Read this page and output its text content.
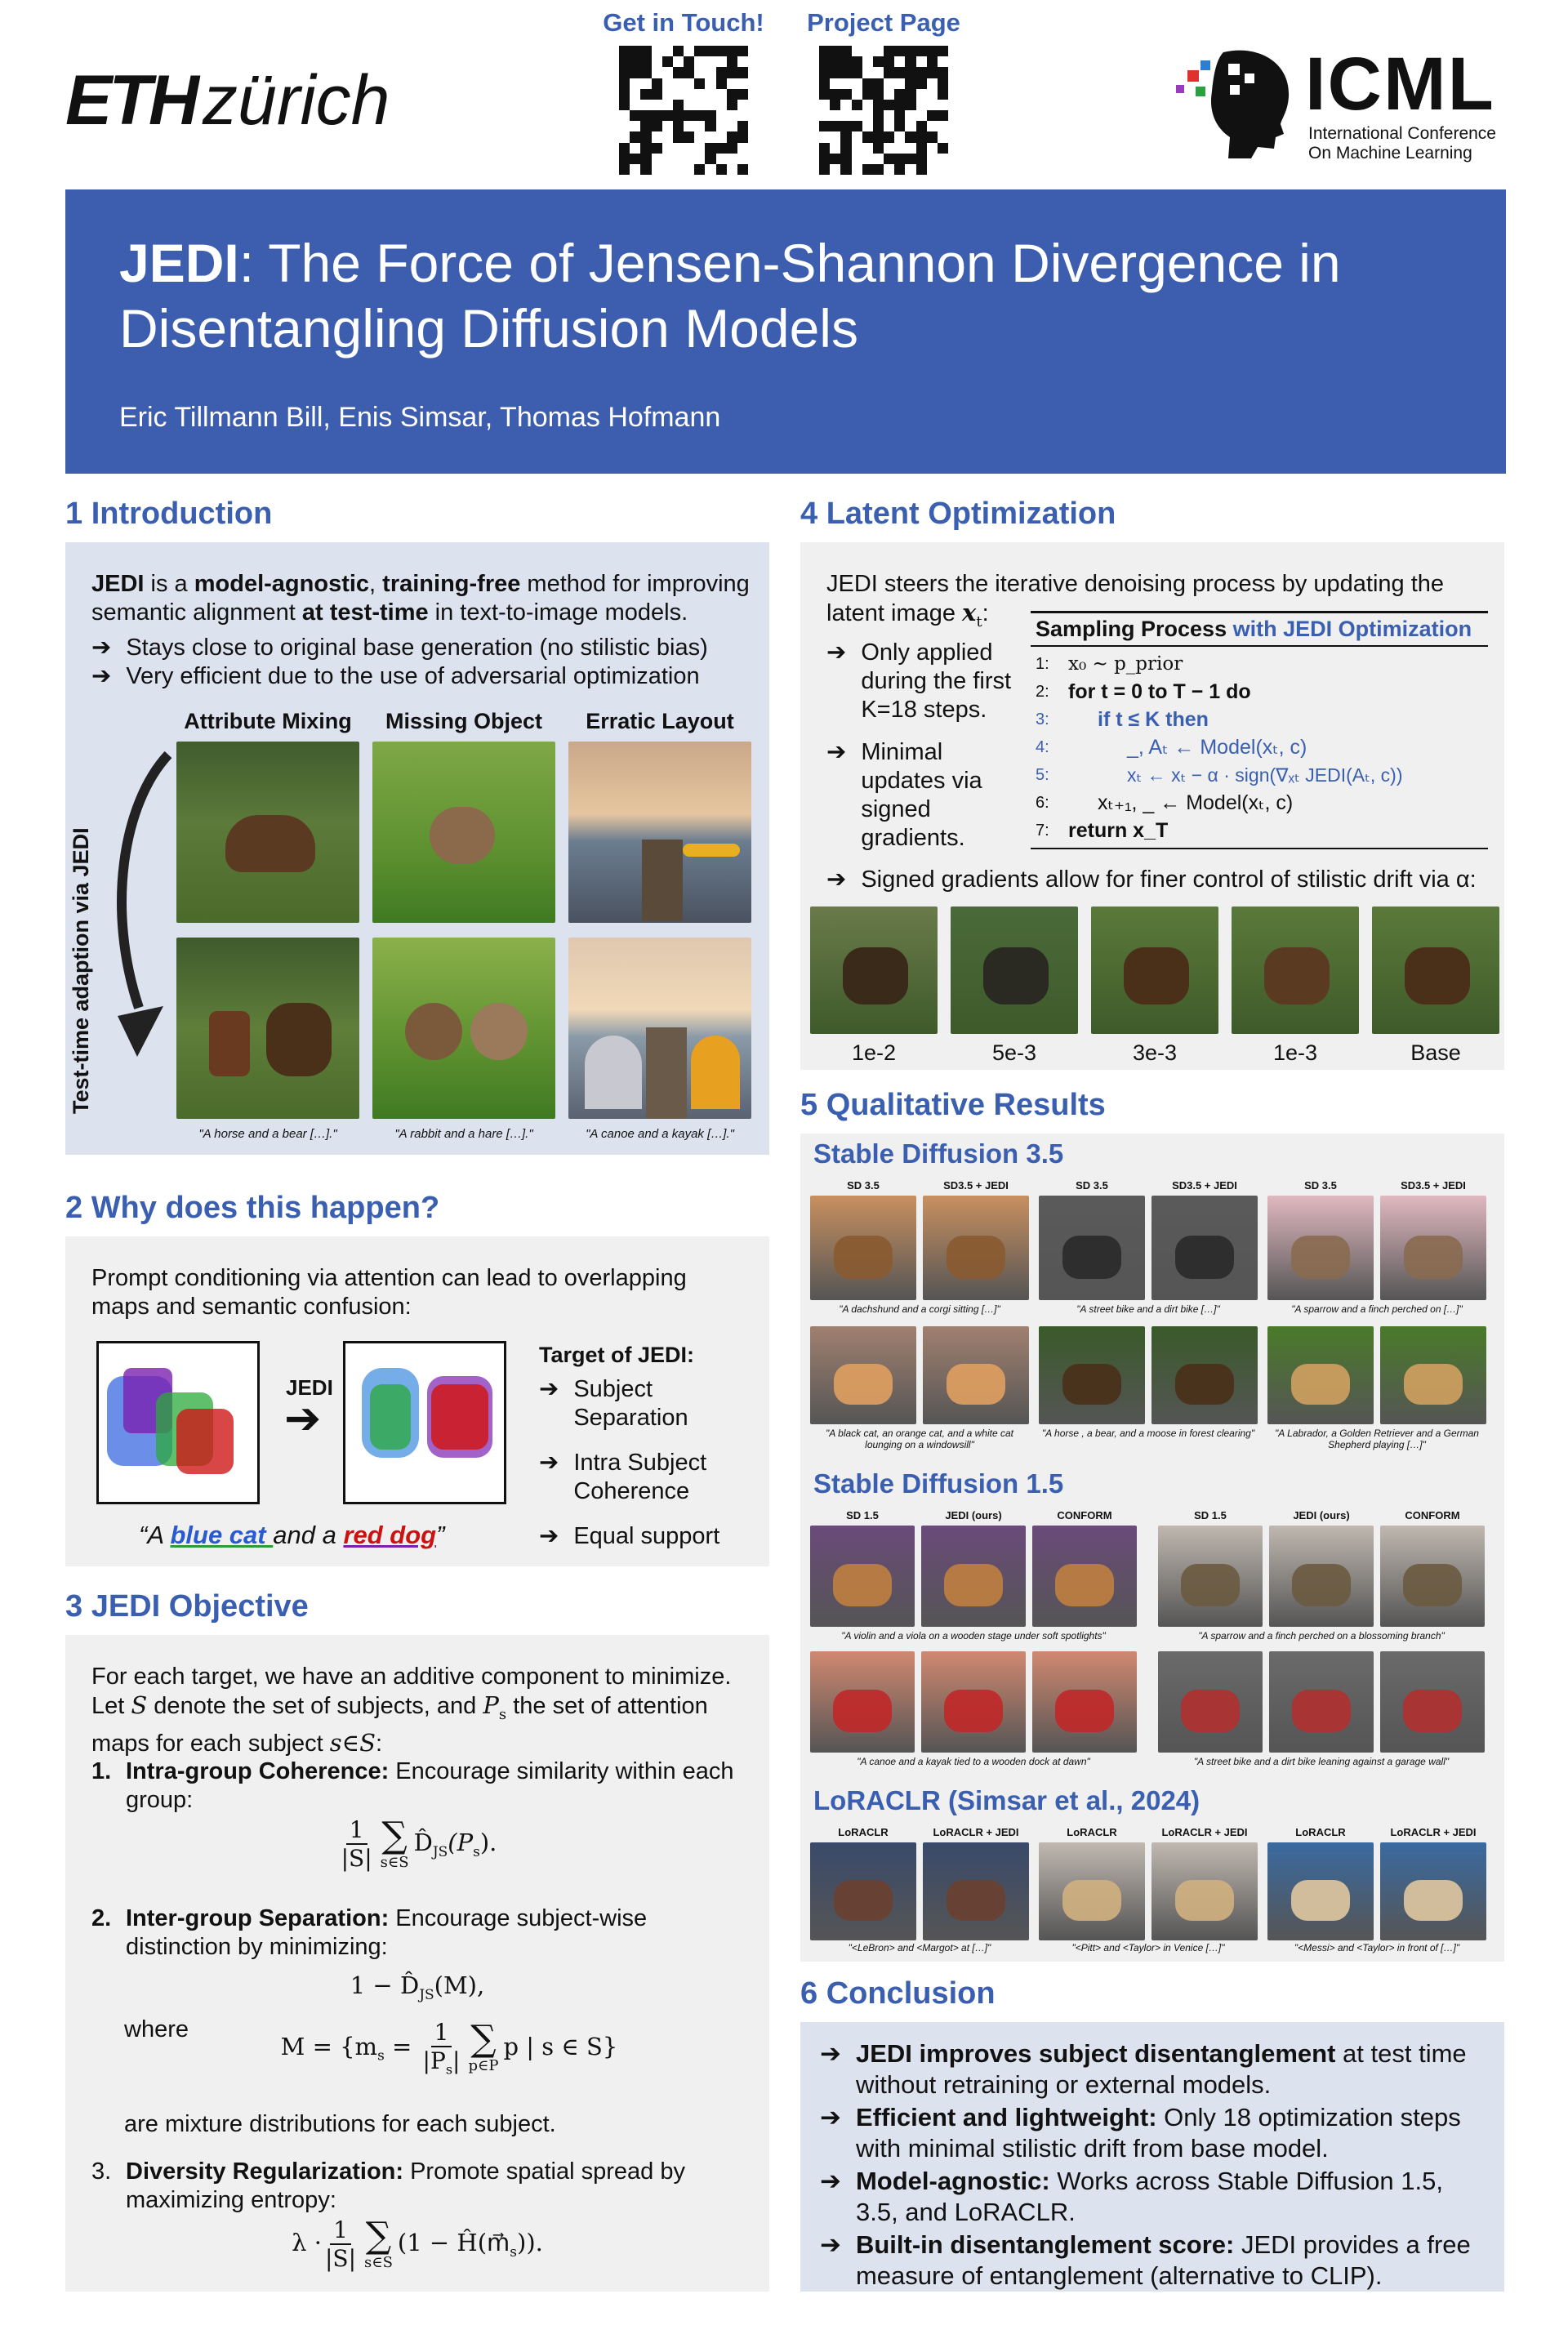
ETH zürich
Get in Touch!	Project Page
ICML
International Conference
On Machine Learning
JEDI: The Force of Jensen-Shannon Divergence in Disentangling Diffusion Models
Eric Tillmann Bill, Enis Simsar, Thomas Hofmann
1 Introduction
JEDI is a model-agnostic, training-free method for improving semantic alignment at test-time in text-to-image models.
➔ Stays close to original base generation (no stilistic bias)
➔ Very efficient due to the use of adversarial optimization
Attribute Mixing	Missing Object	Erratic Layout
Test-time adaption via JEDI
"A horse and a bear […]."	"A rabbit and a hare […]."	"A canoe and a kayak […]."
2 Why does this happen?
Prompt conditioning via attention can lead to overlapping maps and semantic confusion:
JEDI
➔
Target of JEDI:
➔ Subject Separation
➔ Intra Subject Coherence
➔ Equal support
“A blue cat and a red dog”
3 JEDI Objective
For each target, we have an additive component to minimize.
Let S denote the set of subjects, and $P_s$ the set of attention maps for each subject s∈S:
1. Intra-group Coherence: Encourage similarity within each group:
$\frac{1}{|S|}$ ∑
s∈S
$D̂_{JS}(P_s)$.
2. Inter-group Separation: Encourage subject-wise distinction by minimizing:
$1 - D̂_{JS}(M)$,
where
$M = \{m_s = \frac{1}{|P_s|}$ ∑
p∈P
p | s ∈ S}
are mixture distributions for each subject.
3. Diversity Regularization: Promote spatial spread by maximizing entropy:
$\lambda \cdot \frac{1}{|S|}$ ∑
s∈S
$(1 - Ĥ(m⃗_s))$.
4 Latent Optimization
JEDI steers the iterative denoising process by updating the latent image $x_t$:
➔ Only applied during the first K=18 steps.
➔ Minimal updates via signed gradients.
Sampling Process with JEDI Optimization
1:	x₀ ∼ p_prior
2: for t = 0 to T − 1 do
3:	if t ≤ K then
4:	_, Aₜ ← Model(xₜ, c)
5:	xₜ ← xₜ − α · sign(∇ₓₜ JEDI(Aₜ, c))
6:	xₜ₊₁, _ ← Model(xₜ, c)
7: return x_T
➔ Signed gradients allow for finer control of stilistic drift via α:
1e-2	5e-3	3e-3	1e-3	Base
5 Qualitative Results
Stable Diffusion 3.5
Stable Diffusion 1.5
LoRACLR (Simsar et al., 2024)
SD 3.5	SD3.5 + JEDI
"A dachshund and a corgi sitting […]"
"A black cat, an orange cat, and a white cat lounging on a windowsill"
SD 3.5	SD3.5 + JEDI
"A street bike and a dirt bike […]"
"A horse , a bear, and a moose in forest clearing"
SD 3.5	SD3.5 + JEDI
"A sparrow and a finch perched on […]"
"A Labrador, a Golden Retriever and a German Shepherd playing […]"
SD 1.5	JEDI (ours)	CONFORM
"A violin and a viola on a wooden stage under soft spotlights"
"A canoe and a kayak tied to a wooden dock at dawn"
SD 1.5	JEDI (ours)	CONFORM
"A sparrow and a finch perched on a blossoming branch"
"A street bike and a dirt bike leaning against a garage wall"
LoRACLR	LoRACLR + JEDI
"<LeBron> and <Margot> at […]"
LoRACLR	LoRACLR + JEDI
"<Pitt> and <Taylor> in Venice […]"
LoRACLR	LoRACLR + JEDI
"<Messi> and <Taylor> in front of […]"
6 Conclusion
➔ JEDI improves subject disentanglement at test time without retraining or external models.
➔ Efficient and lightweight: Only 18 optimization steps with minimal stilistic drift from base model.
➔ Model-agnostic: Works across Stable Diffusion 1.5, 3.5, and LoRACLR.
➔ Built-in disentanglement score: JEDI provides a free measure of entanglement (alternative to CLIP).
